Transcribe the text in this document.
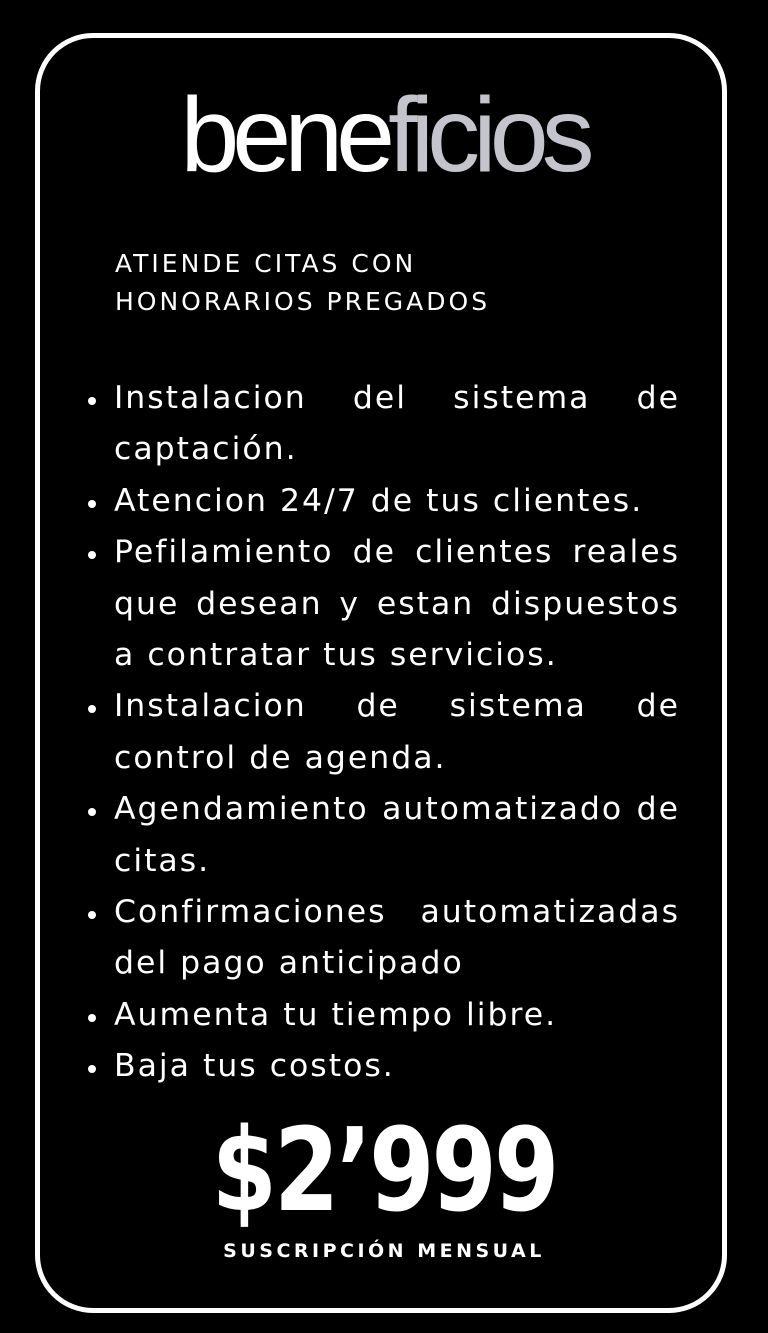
beneficios
ATIENDE CITAS CON
HONORARIOS PREGADOS
Instalacion del sistema de captación.
Atencion 24/7 de tus clientes.
Pefilamiento de clientes reales que desean y estan dispuestos a contratar tus servicios.
Instalacion de sistema de control de agenda.
Agendamiento automatizado de citas.
Confirmaciones automatizadas del pago anticipado
Aumenta tu tiempo libre.
Baja tus costos.
$2’999
SUSCRIPCIÓN MENSUAL
